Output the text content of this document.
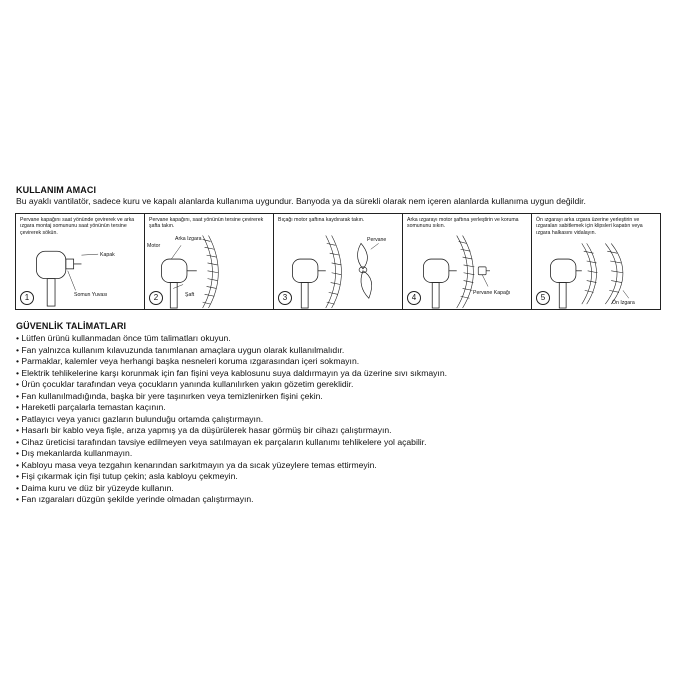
KULLANIM AMACI
Bu ayaklı vantilatör, sadece kuru ve kapalı alanlarda kullanıma uygundur. Banyoda ya da sürekli olarak nem içeren alanlarda kullanıma uygun değildir.
Pervane kapağını saat yönünde çevirerek ve arka ızgara montaj somununu saat yönünün tersine çevirerek sökün.
Kapak
Somun Yuvası
1
Pervane kapağını, saat yönünün tersine çevirerek şafta takın.
Arka Izgara
Motor
Şaft
2
Bıçağı motor şaftına kaydırarak takın.
Pervane
3
Arka ızgarayı motor şaftına yerleştirin ve koruma somununu sıkın.
Pervane Kapağı
4
Ön ızgarayı arka ızgara üzerine yerleştirin ve ızgaraları sabitlemek için klipsleri kapatın veya ızgara halkasını vidalayın.
Ön Izgara
5
GÜVENLİK TALİMATLARI
• Lütfen ürünü kullanmadan önce tüm talimatları okuyun.
• Fan yalnızca kullanım kılavuzunda tanımlanan amaçlara uygun olarak kullanılmalıdır.
• Parmaklar, kalemler veya herhangi başka nesneleri koruma ızgarasından içeri sokmayın.
• Elektrik tehlikelerine karşı korunmak için fan fişini veya kablosunu suya daldırmayın ya da üzerine sıvı sıkmayın.
• Ürün çocuklar tarafından veya çocukların yanında kullanılırken yakın gözetim gereklidir.
• Fan kullanılmadığında, başka bir yere taşınırken veya temizlenirken fişini çekin.
• Hareketli parçalarla temastan kaçının.
• Patlayıcı veya yanıcı gazların bulunduğu ortamda çalıştırmayın.
• Hasarlı bir kablo veya fişle, arıza yapmış ya da düşürülerek hasar görmüş bir cihazı çalıştırmayın.
• Cihaz üreticisi tarafından tavsiye edilmeyen veya satılmayan ek parçaların kullanımı tehlikelere yol açabilir.
• Dış mekanlarda kullanmayın.
• Kabloyu masa veya tezgahın kenarından sarkıtmayın ya da sıcak yüzeylere temas ettirmeyin.
• Fişi çıkarmak için fişi tutup çekin; asla kabloyu çekmeyin.
• Daima kuru ve düz bir yüzeyde kullanın.
• Fan ızgaraları düzgün şekilde yerinde olmadan çalıştırmayın.
